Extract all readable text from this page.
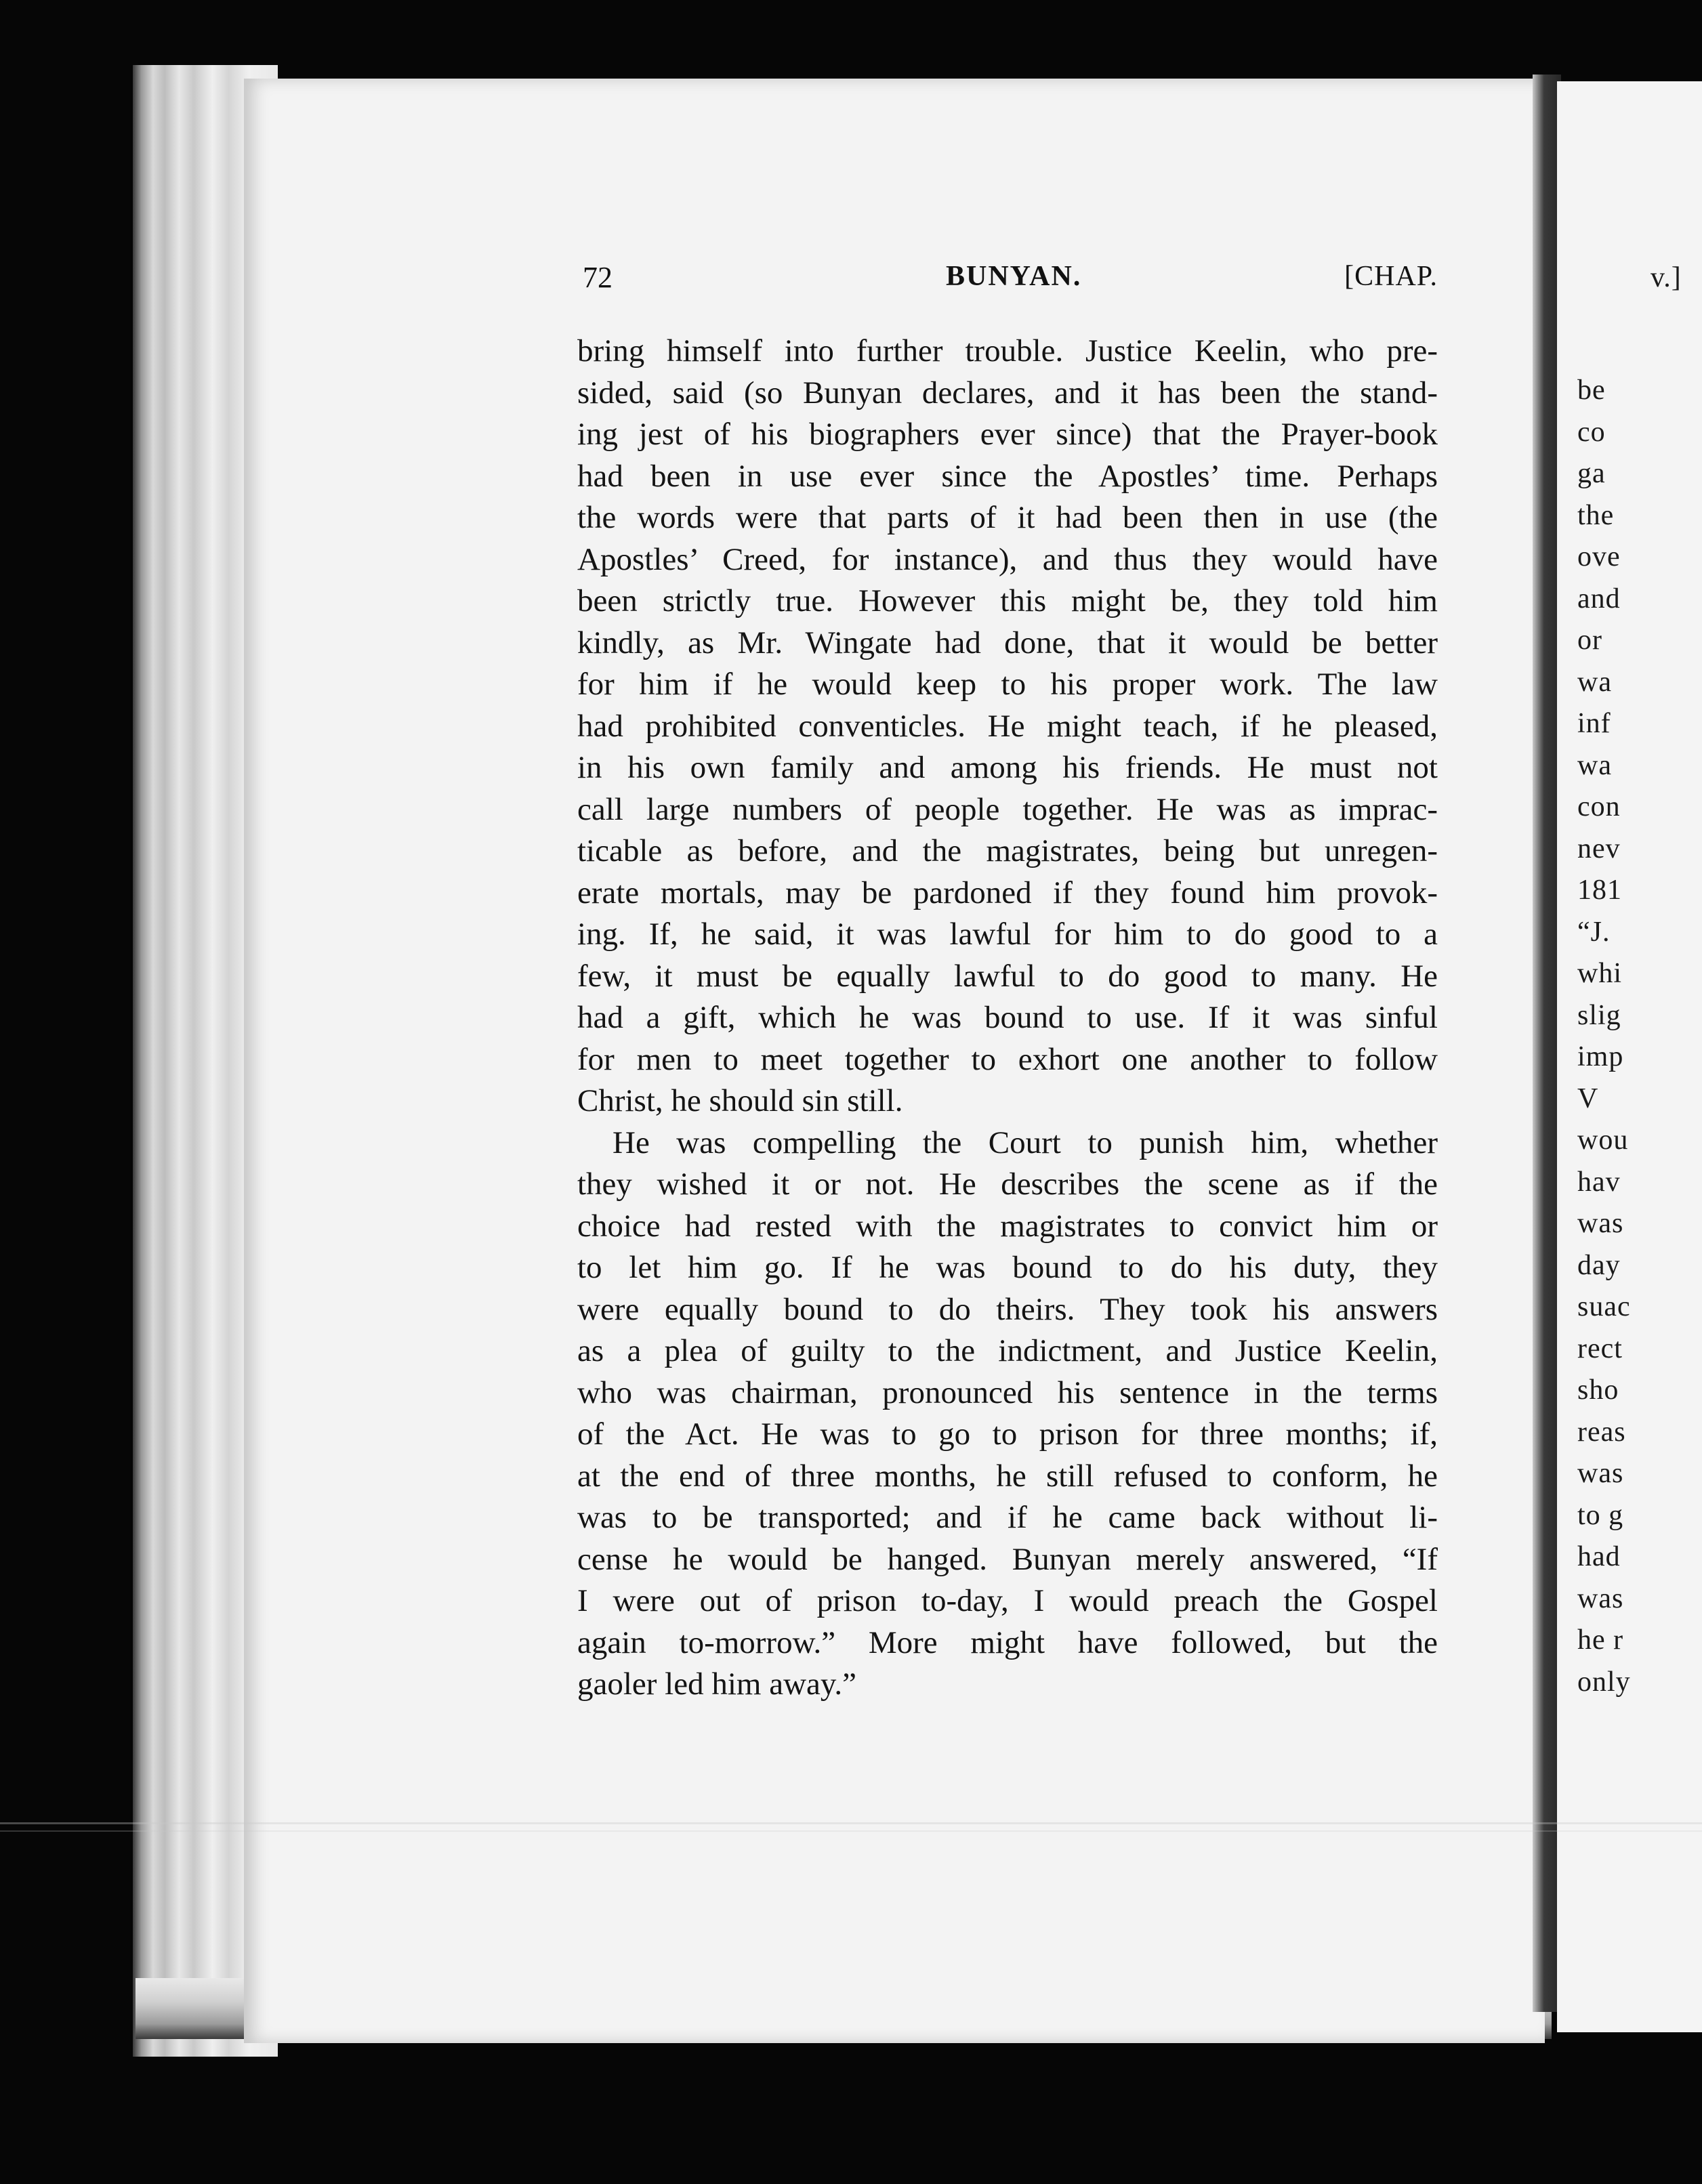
v.]
be
co
ga
the
ove
and
or
wa
inf
wa
con
nev
181
“J.
whi
slig
imp
V
wou
hav
was
day
suac
rect
sho
reas
was
to g
had
was
he r
only
72	BUNYAN.	[CHAP.
bring himself into further trouble. Justice Keelin, who pre-
sided, said (so Bunyan declares, and it has been the stand-
ing jest of his biographers ever since) that the Prayer-book
had been in use ever since the Apostles’ time. Perhaps
the words were that parts of it had been then in use (the
Apostles’ Creed, for instance), and thus they would have
been strictly true. However this might be, they told him
kindly, as Mr. Wingate had done, that it would be better
for him if he would keep to his proper work. The law
had prohibited conventicles. He might teach, if he pleased,
in his own family and among his friends. He must not
call large numbers of people together. He was as imprac-
ticable as before, and the magistrates, being but unregen-
erate mortals, may be pardoned if they found him provok-
ing. If, he said, it was lawful for him to do good to a
few, it must be equally lawful to do good to many. He
had a gift, which he was bound to use. If it was sinful
for men to meet together to exhort one another to follow
Christ, he should sin still.
He was compelling the Court to punish him, whether
they wished it or not. He describes the scene as if the
choice had rested with the magistrates to convict him or
to let him go. If he was bound to do his duty, they
were equally bound to do theirs. They took his answers
as a plea of guilty to the indictment, and Justice Keelin,
who was chairman, pronounced his sentence in the terms
of the Act. He was to go to prison for three months; if,
at the end of three months, he still refused to conform, he
was to be transported; and if he came back without li-
cense he would be hanged. Bunyan merely answered, “If
I were out of prison to-day, I would preach the Gospel
again to-morrow.” More might have followed, but the
gaoler led him away.”
